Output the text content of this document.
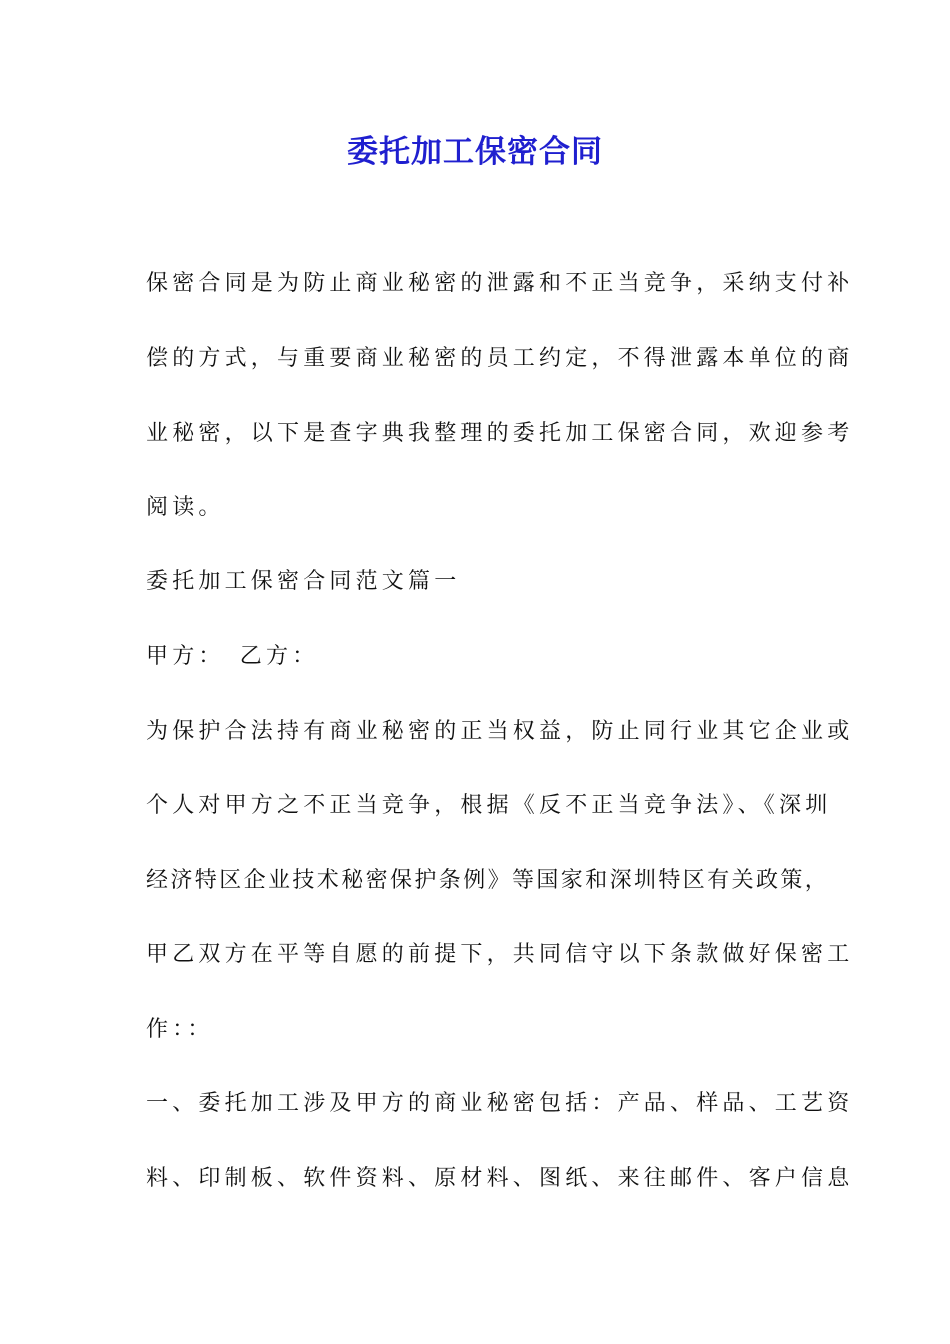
委托加工保密合同
保密合同是为防止商业秘密的泄露和不正当竞争，采纳支付补
偿的方式，与重要商业秘密的员工约定，不得泄露本单位的商
业秘密，以下是查字典我整理的委托加工保密合同，欢迎参考
阅读。
委托加工保密合同范文篇一
甲方：　乙方：
为保护合法持有商业秘密的正当权益，防止同行业其它企业或
个人对甲方之不正当竞争，根据《反不正当竞争法》、《深圳
经济特区企业技术秘密保护条例》等国家和深圳特区有关政策，
甲乙双方在平等自愿的前提下，共同信守以下条款做好保密工
作：：
一、委托加工涉及甲方的商业秘密包括：产品、样品、工艺资
料、印制板、软件资料、原材料、图纸、来往邮件、客户信息
